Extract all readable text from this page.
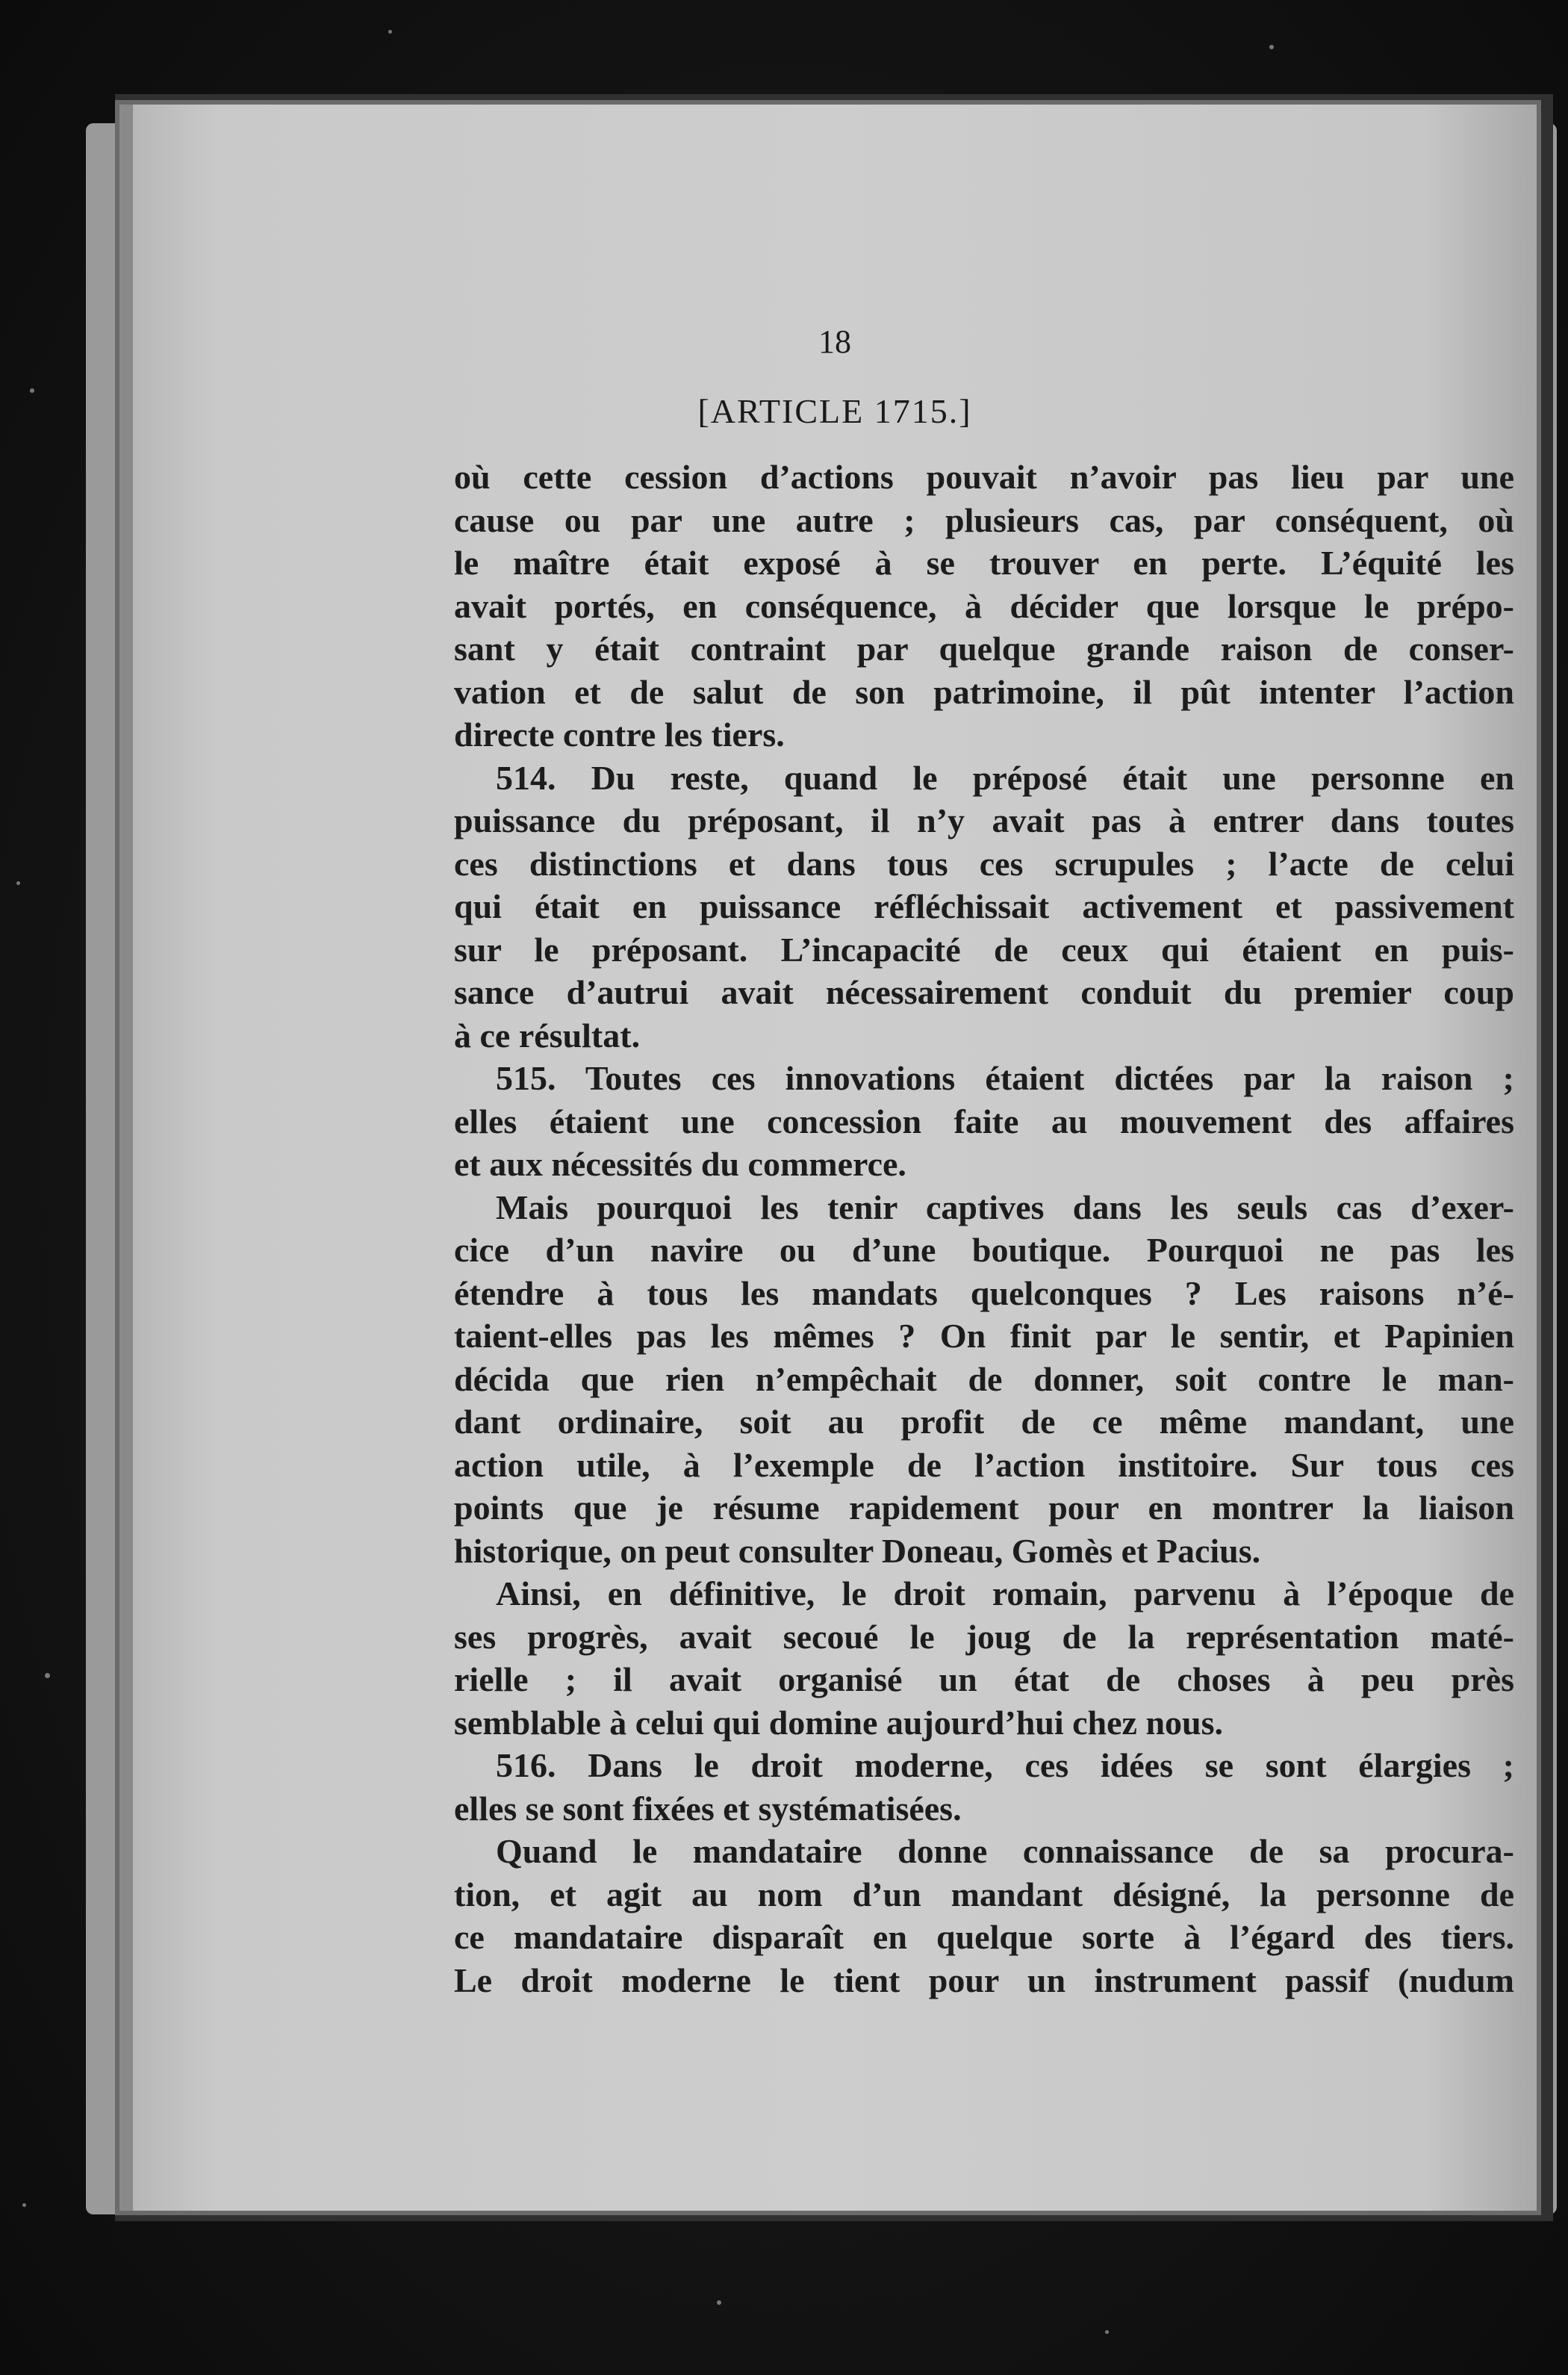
18
[ARTICLE 1715.]
où cette cession d’actions pouvait n’avoir pas lieu par une
cause ou par une autre ; plusieurs cas, par conséquent, où
le maître était exposé à se trouver en perte. L’équité les
avait portés, en conséquence, à décider que lorsque le prépo-
sant y était contraint par quelque grande raison de conser-
vation et de salut de son patrimoine, il pût intenter l’action
directe contre les tiers.
514. Du reste, quand le préposé était une personne en
puissance du préposant, il n’y avait pas à entrer dans toutes
ces distinctions et dans tous ces scrupules ; l’acte de celui
qui était en puissance réfléchissait activement et passivement
sur le préposant. L’incapacité de ceux qui étaient en puis-
sance d’autrui avait nécessairement conduit du premier coup
à ce résultat.
515. Toutes ces innovations étaient dictées par la raison ;
elles étaient une concession faite au mouvement des affaires
et aux nécessités du commerce.
Mais pourquoi les tenir captives dans les seuls cas d’exer-
cice d’un navire ou d’une boutique. Pourquoi ne pas les
étendre à tous les mandats quelconques ? Les raisons n’é-
taient-elles pas les mêmes ? On finit par le sentir, et Papinien
décida que rien n’empêchait de donner, soit contre le man-
dant ordinaire, soit au profit de ce même mandant, une
action utile, à l’exemple de l’action institoire. Sur tous ces
points que je résume rapidement pour en montrer la liaison
historique, on peut consulter Doneau, Gomès et Pacius.
Ainsi, en définitive, le droit romain, parvenu à l’époque de
ses progrès, avait secoué le joug de la représentation maté-
rielle ; il avait organisé un état de choses à peu près
semblable à celui qui domine aujourd’hui chez nous.
516. Dans le droit moderne, ces idées se sont élargies ;
elles se sont fixées et systématisées.
Quand le mandataire donne connaissance de sa procura-
tion, et agit au nom d’un mandant désigné, la personne de
ce mandataire disparaît en quelque sorte à l’égard des tiers.
Le droit moderne le tient pour un instrument passif (nudum
